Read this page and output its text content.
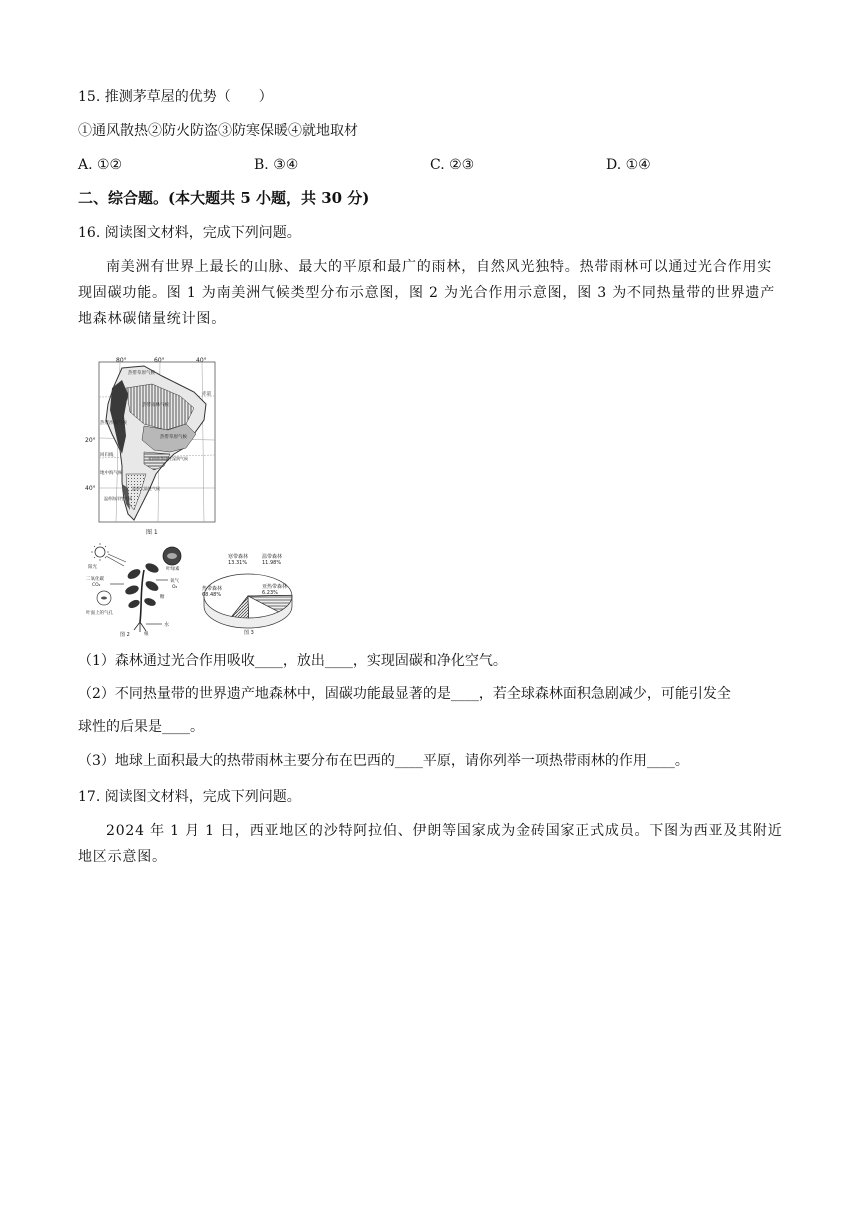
15. 推测茅草屋的优势（　　）
①通风散热②防火防盗③防寒保暖④就地取材
A. ①②	B. ③④	C. ②③	D. ①④
二、综合题。(本大题共 5 小题，共 30 分)
16. 阅读图文材料，完成下列问题。
南美洲有世界上最长的山脉、最大的平原和最广的雨林，自然风光独特。热带雨林可以通过光合作用实现固碳功能。图 1 为南美洲气候类型分布示意图，图 2 为光合作用示意图，图 3 为不同热量带的世界遗产地森林碳储量统计图。
80°	60°	40°
20°
40°
热带草原气候
赤道
热带雨林气候
热带草原气候
热带沙漠气候
亚热带季风性湿润气候
回归线
地中海气候
温带大陆性气候
温带海洋性气候
图 1
叶绿素
阳光
二氧化碳
CO₂
氧气
O₂
糖
水
叶面上的气孔
根
图 2
热带森林
68.48%
寒带森林
13.31%
温带森林
11.98%
亚热带森林
6.23%
图 3
（1）森林通过光合作用吸收____，放出____，实现固碳和净化空气。
（2）不同热量带的世界遗产地森林中，固碳功能最显著的是____，若全球森林面积急剧减少，可能引发全
球性的后果是____。
（3）地球上面积最大的热带雨林主要分布在巴西的____平原，请你列举一项热带雨林的作用____。
17. 阅读图文材料，完成下列问题。
2024 年 1 月 1 日，西亚地区的沙特阿拉伯、伊朗等国家成为金砖国家正式成员。下图为西亚及其附近地区示意图。
